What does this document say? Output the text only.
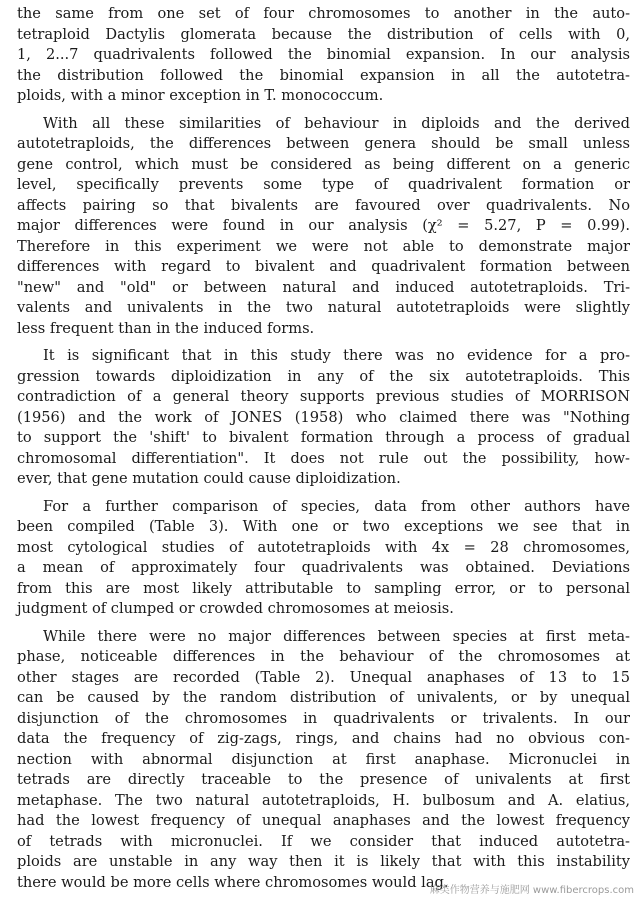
the same from one set of four chromosomes to another in the auto-
tetraploid Dactylis glomerata because the distribution of cells with 0,
1, 2...7 quadrivalents followed the binomial expansion. In our analysis
the distribution followed the binomial expansion in all the autotetra-
ploids, with a minor exception in T. monococcum.
With all these similarities of behaviour in diploids and the derived
autotetraploids, the differences between genera should be small unless
gene control, which must be considered as being different on a generic
level, specifically prevents some type of quadrivalent formation or
affects pairing so that bivalents are favoured over quadrivalents. No
major differences were found in our analysis (χ² = 5.27, P = 0.99).
Therefore in this experiment we were not able to demonstrate major
differences with regard to bivalent and quadrivalent formation between
"new" and "old" or between natural and induced autotetraploids. Tri-
valents and univalents in the two natural autotetraploids were slightly
less frequent than in the induced forms.
It is significant that in this study there was no evidence for a pro-
gression towards diploidization in any of the six autotetraploids. This
contradiction of a general theory supports previous studies of MORRISON
(1956) and the work of JONES (1958) who claimed there was "Nothing
to support the 'shift' to bivalent formation through a process of gradual
chromosomal differentiation". It does not rule out the possibility, how-
ever, that gene mutation could cause diploidization.
For a further comparison of species, data from other authors have
been compiled (Table 3). With one or two exceptions we see that in
most cytological studies of autotetraploids with 4x = 28 chromosomes,
a mean of approximately four quadrivalents was obtained. Deviations
from this are most likely attributable to sampling error, or to personal
judgment of clumped or crowded chromosomes at meiosis.
While there were no major differences between species at first meta-
phase, noticeable differences in the behaviour of the chromosomes at
other stages are recorded (Table 2). Unequal anaphases of 13 to 15
can be caused by the random distribution of univalents, or by unequal
disjunction of the chromosomes in quadrivalents or trivalents. In our
data the frequency of zig-zags, rings, and chains had no obvious con-
nection with abnormal disjunction at first anaphase. Micronuclei in
tetrads are directly traceable to the presence of univalents at first
metaphase. The two natural autotetraploids, H. bulbosum and A. elatius,
had the lowest frequency of unequal anaphases and the lowest frequency
of tetrads with micronuclei. If we consider that induced autotetra-
ploids are unstable in any way then it is likely that with this instability
there would be more cells where chromosomes would lag.
麻类作物营养与施肥网 www.fibercrops.com
